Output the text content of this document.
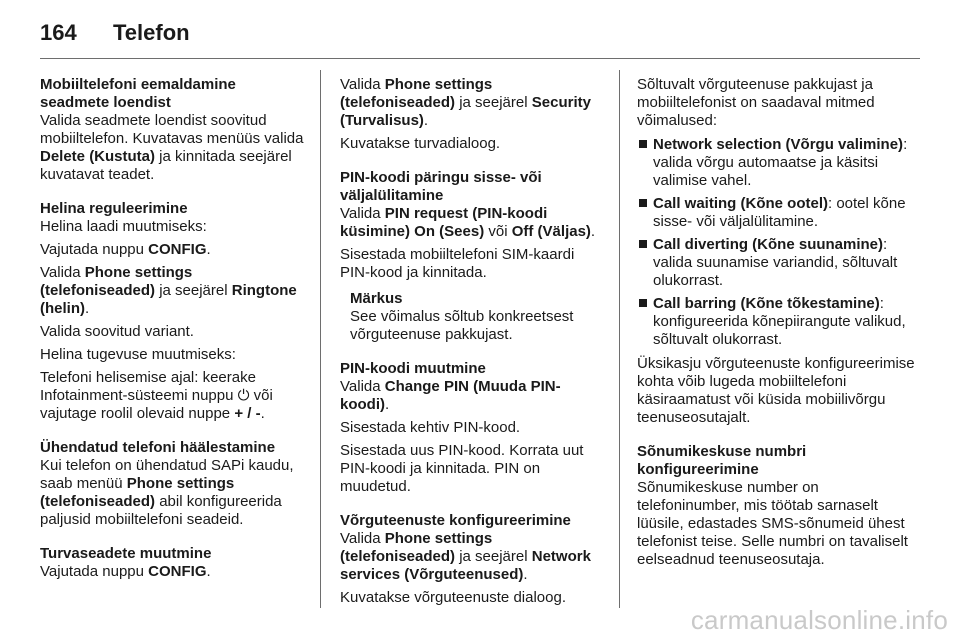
164 Telefon
Mobiiltelefoni eemaldamine seadmete loendist
Valida seadmete loendist soovitud mobiiltelefon. Kuvatavas menüüs valida Delete (Kustuta) ja kinnitada seejärel kuvatavat teadet.
Helina reguleerimine
Helina laadi muutmiseks:
Vajutada nuppu CONFIG.
Valida Phone settings (telefoniseaded) ja seejärel Ringtone (helin).
Valida soovitud variant.
Helina tugevuse muutmiseks:
Telefoni helisemise ajal: keerake Infotainment-süsteemi nuppu ⏻ või vajutage roolil olevaid nuppe + / -.
Ühendatud telefoni häälestamine
Kui telefon on ühendatud SAPi kaudu, saab menüü Phone settings (telefoniseaded) abil konfigureerida paljusid mobiiltelefoni seadeid.
Turvaseadete muutmine
Vajutada nuppu CONFIG.
Valida Phone settings (telefoniseaded) ja seejärel Security (Turvalisus).
Kuvatakse turvadialoog.
PIN-koodi päringu sisse- või väljalülitamine
Valida PIN request (PIN-koodi küsimine) On (Sees) või Off (Väljas).
Sisestada mobiiltelefoni SIM-kaardi PIN-kood ja kinnitada.
Märkus
See võimalus sõltub konkreetsest võrguteenuse pakkujast.
PIN-koodi muutmine
Valida Change PIN (Muuda PIN-koodi).
Sisestada kehtiv PIN-kood.
Sisestada uus PIN-kood. Korrata uut PIN-koodi ja kinnitada. PIN on muudetud.
Võrguteenuste konfigureerimine
Valida Phone settings (telefoniseaded) ja seejärel Network services (Võrguteenused).
Kuvatakse võrguteenuste dialoog.
Sõltuvalt võrguteenuse pakkujast ja mobiiltelefonist on saadaval mitmed võimalused:
Network selection (Võrgu valimine): valida võrgu automaatse ja käsitsi valimise vahel.
Call waiting (Kõne ootel): ootel kõne sisse- või väljalülitamine.
Call diverting (Kõne suunamine): valida suunamise variandid, sõltuvalt olukorrast.
Call barring (Kõne tõkestamine): konfigureerida kõnepiirangute valikud, sõltuvalt olukorrast.
Üksikasju võrguteenuste konfigureerimise kohta võib lugeda mobiiltelefoni käsiraamatust või küsida mobiilivõrgu teenuseosutajalt.
Sõnumikeskuse numbri konfigureerimine
Sõnumikeskuse number on telefoninumber, mis töötab sarnaselt lüüsile, edastades SMS-sõnumeid ühest telefonist teise. Selle numbri on tavaliselt eelseadnud teenuseosutaja.
carmanualsonline.info
